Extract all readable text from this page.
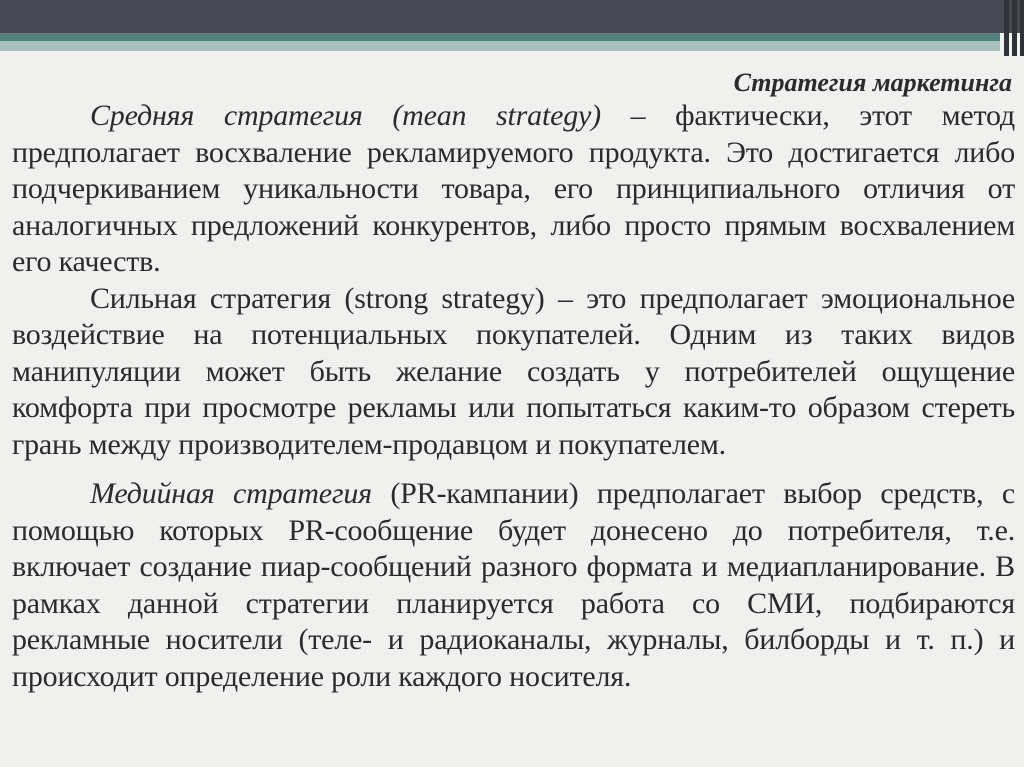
Стратегия маркетинга

Средняя стратегия (mean strategy) – фактически, этот метод предполагает восхваление рекламируемого продукта. Это достигается либо подчеркиванием уникальности товара, его принципиального отличия от аналогичных предложений конкурентов, либо просто прямым восхвалением его качеств.

Сильная стратегия (strong strategy) – это предполагает эмоциональное воздействие на потенциальных покупателей. Одним из таких видов манипуляции может быть желание создать у потребителей ощущение комфорта при просмотре рекламы или попытаться каким-то образом стереть грань между производителем-продавцом и покупателем.

Медийная стратегия (PR-кампании) предполагает выбор средств, с помощью которых PR-сообщение будет донесено до потребителя, т.е. включает создание пиар-сообщений разного формата и медиапланирование. В рамках данной стратегии планируется работа со СМИ, подбираются рекламные носители (теле- и радиоканалы, журналы, билборды и т. п.) и происходит определение роли каждого носителя.
